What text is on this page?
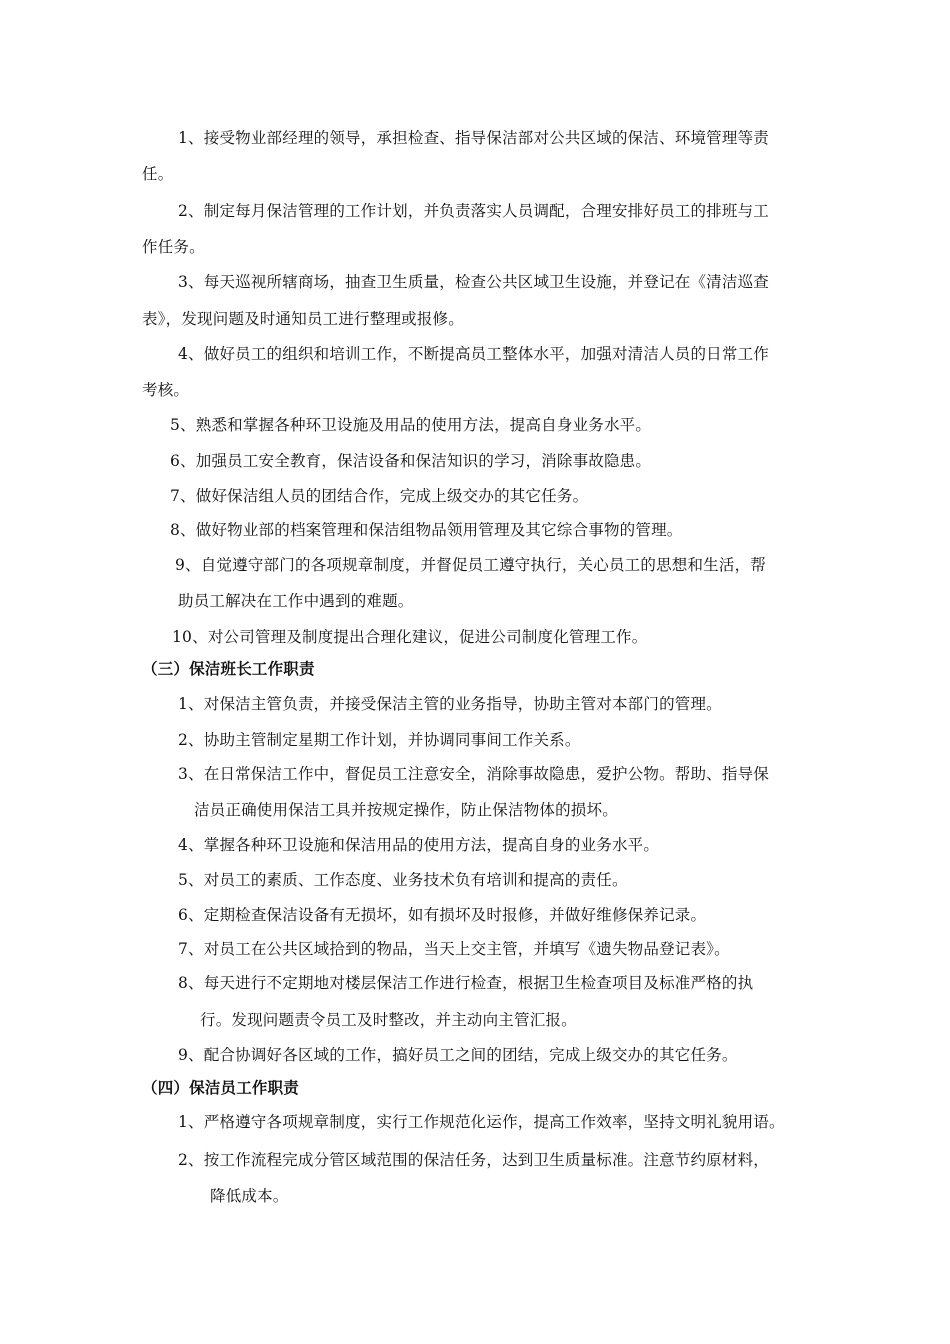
1、接受物业部经理的领导，承担检查、指导保洁部对公共区域的保洁、环境管理等责
任。
2、制定每月保洁管理的工作计划，并负责落实人员调配，合理安排好员工的排班与工
作任务。
3、每天巡视所辖商场，抽查卫生质量，检查公共区域卫生设施，并登记在《清洁巡查
表》，发现问题及时通知员工进行整理或报修。
4、做好员工的组织和培训工作，不断提高员工整体水平，加强对清洁人员的日常工作
考核。
5、熟悉和掌握各种环卫设施及用品的使用方法，提高自身业务水平。
6、加强员工安全教育，保洁设备和保洁知识的学习，消除事故隐患。
7、做好保洁组人员的团结合作，完成上级交办的其它任务。
8、做好物业部的档案管理和保洁组物品领用管理及其它综合事物的管理。
9、自觉遵守部门的各项规章制度，并督促员工遵守执行，关心员工的思想和生活，帮
助员工解决在工作中遇到的难题。
10、对公司管理及制度提出合理化建议，促进公司制度化管理工作。
（三）保洁班长工作职责
1、对保洁主管负责，并接受保洁主管的业务指导，协助主管对本部门的管理。
2、协助主管制定星期工作计划，并协调同事间工作关系。
3、在日常保洁工作中，督促员工注意安全，消除事故隐患，爱护公物。帮助、指导保
洁员正确使用保洁工具并按规定操作，防止保洁物体的损坏。
4、掌握各种环卫设施和保洁用品的使用方法，提高自身的业务水平。
5、对员工的素质、工作态度、业务技术负有培训和提高的责任。
6、定期检查保洁设备有无损坏，如有损坏及时报修，并做好维修保养记录。
7、对员工在公共区域拾到的物品，当天上交主管，并填写《遗失物品登记表》。
8、每天进行不定期地对楼层保洁工作进行检查，根据卫生检查项目及标准严格的执
行。发现问题责令员工及时整改，并主动向主管汇报。
9、配合协调好各区域的工作，搞好员工之间的团结，完成上级交办的其它任务。
（四）保洁员工作职责
1、严格遵守各项规章制度，实行工作规范化运作，提高工作效率，坚持文明礼貌用语。
2、按工作流程完成分管区域范围的保洁任务，达到卫生质量标准。注意节约原材料，
降低成本。
